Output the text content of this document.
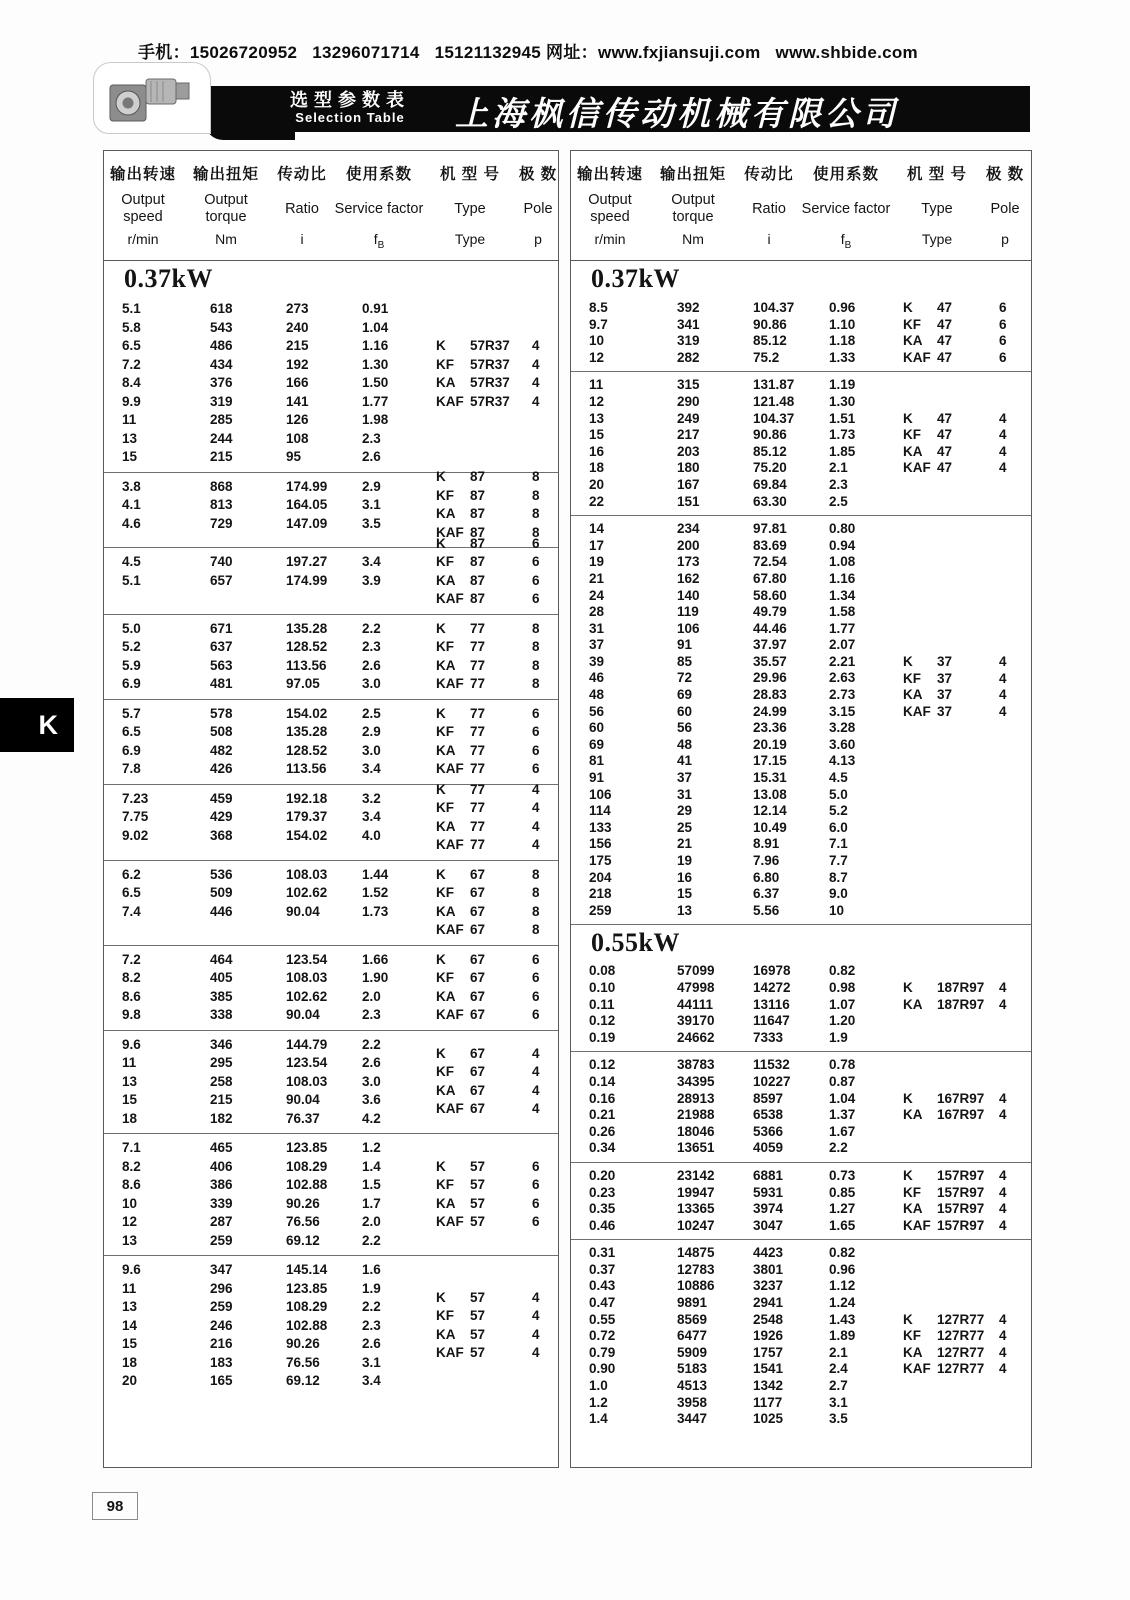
手机：15026720952   13296071714   15121132945 网址：www.fxjiansuji.com   www.shbide.com
选型参数表
Selection Table 上海枫信传动机械有限公司
K
输出转速	输出扭矩	传动比	使用系数	机 型 号	极 数
Output speed
Output torque
Ratio	Service factor	Type	Pole
r/min	Nm	i	$f_B$	Type	p
0.37kW
5.1	618	273	0.91
5.8	543	240	1.04
6.5	486	215	1.16
7.2	434	192	1.30
8.4	376	166	1.50
9.9	319	141	1.77
11	285	126	1.98
13	244	108	2.3
15	215	95	2.6
K	57R37	4
KF	57R37	4
KA	57R37	4
KAF 57R37	4
3.8	868	174.99	2.9
4.1	813	164.05	3.1
4.6	729	147.09	3.5
K	87	8
KF	87	8
KA	87	8
KAF 87	8
4.5	740	197.27	3.4
5.1	657	174.99	3.9
K	87	6
KF	87	6
KA	87	6
KAF 87	6
5.0	671	135.28	2.2
5.2	637	128.52	2.3
5.9	563	113.56	2.6
6.9	481	97.05	3.0
K	77	8
KF	77	8
KA	77	8
KAF 77	8
5.7	578	154.02	2.5
6.5	508	135.28	2.9
6.9	482	128.52	3.0
7.8	426	113.56	3.4
K	77	6
KF	77	6
KA	77	6
KAF 77	6
7.23	459	192.18	3.2
7.75	429	179.37	3.4
9.02	368	154.02	4.0
K	77	4
KF	77	4
KA	77	4
KAF 77	4
6.2	536	108.03	1.44
6.5	509	102.62	1.52
7.4	446	90.04	1.73
K	67	8
KF	67	8
KA	67	8
KAF 67	8
7.2	464	123.54	1.66
8.2	405	108.03	1.90
8.6	385	102.62	2.0
9.8	338	90.04	2.3
K	67	6
KF	67	6
KA	67	6
KAF 67	6
9.6	346	144.79	2.2
11	295	123.54	2.6
13	258	108.03	3.0
15	215	90.04	3.6
18	182	76.37	4.2
K	67	4
KF	67	4
KA	67	4
KAF 67	4
7.1	465	123.85	1.2
8.2	406	108.29	1.4
8.6	386	102.88	1.5
10	339	90.26	1.7
12	287	76.56	2.0
13	259	69.12	2.2
K	57	6
KF	57	6
KA	57	6
KAF 57	6
9.6	347	145.14	1.6
11	296	123.85	1.9
13	259	108.29	2.2
14	246	102.88	2.3
15	216	90.26	2.6
18	183	76.56	3.1
20	165	69.12	3.4
K	57	4
KF	57	4
KA	57	4
KAF 57	4
输出转速	输出扭矩	传动比	使用系数	机 型 号	极 数
Output speed
Output torque
Ratio	Service factor	Type	Pole
r/min	Nm	i	$f_B$	Type	p
0.37kW
8.5	392	104.37	0.96
9.7	341	90.86	1.10
10	319	85.12	1.18
12	282	75.2	1.33
K	47	6
KF	47	6
KA	47	6
KAF 47	6
11	315	131.87	1.19
12	290	121.48	1.30
13	249	104.37	1.51
15	217	90.86	1.73
16	203	85.12	1.85
18	180	75.20	2.1
20	167	69.84	2.3
22	151	63.30	2.5
K	47	4
KF	47	4
KA	47	4
KAF 47	4
14	234	97.81	0.80
17	200	83.69	0.94
19	173	72.54	1.08
21	162	67.80	1.16
24	140	58.60	1.34
28	119	49.79	1.58
31	106	44.46	1.77
37	91	37.97	2.07
39	85	35.57	2.21
46	72	29.96	2.63
48	69	28.83	2.73
56	60	24.99	3.15
60	56	23.36	3.28
69	48	20.19	3.60
81	41	17.15	4.13
91	37	15.31	4.5
106	31	13.08	5.0
114	29	12.14	5.2
133	25	10.49	6.0
156	21	8.91	7.1
175	19	7.96	7.7
204	16	6.80	8.7
218	15	6.37	9.0
259	13	5.56	10
K	37	4
KF	37	4
KA	37	4
KAF 37	4
0.55kW
0.08	57099	16978	0.82
0.10	47998	14272	0.98
0.11	44111	13116	1.07
0.12	39170	11647	1.20
0.19	24662	7333	1.9
K	187R97	4
KA	187R97	4
0.12	38783	11532	0.78
0.14	34395	10227	0.87
0.16	28913	8597	1.04
0.21	21988	6538	1.37
0.26	18046	5366	1.67
0.34	13651	4059	2.2
K	167R97	4
KA	167R97	4
0.20	23142	6881	0.73
0.23	19947	5931	0.85
0.35	13365	3974	1.27
0.46	10247	3047	1.65
K	157R97	4
KF	157R97	4
KA	157R97	4
KAF 157R97	4
0.31	14875	4423	0.82
0.37	12783	3801	0.96
0.43	10886	3237	1.12
0.47	9891	2941	1.24
0.55	8569	2548	1.43
0.72	6477	1926	1.89
0.79	5909	1757	2.1
0.90	5183	1541	2.4
1.0	4513	1342	2.7
1.2	3958	1177	3.1
1.4	3447	1025	3.5
K	127R77	4
KF	127R77	4
KA	127R77	4
KAF 127R77	4
98
